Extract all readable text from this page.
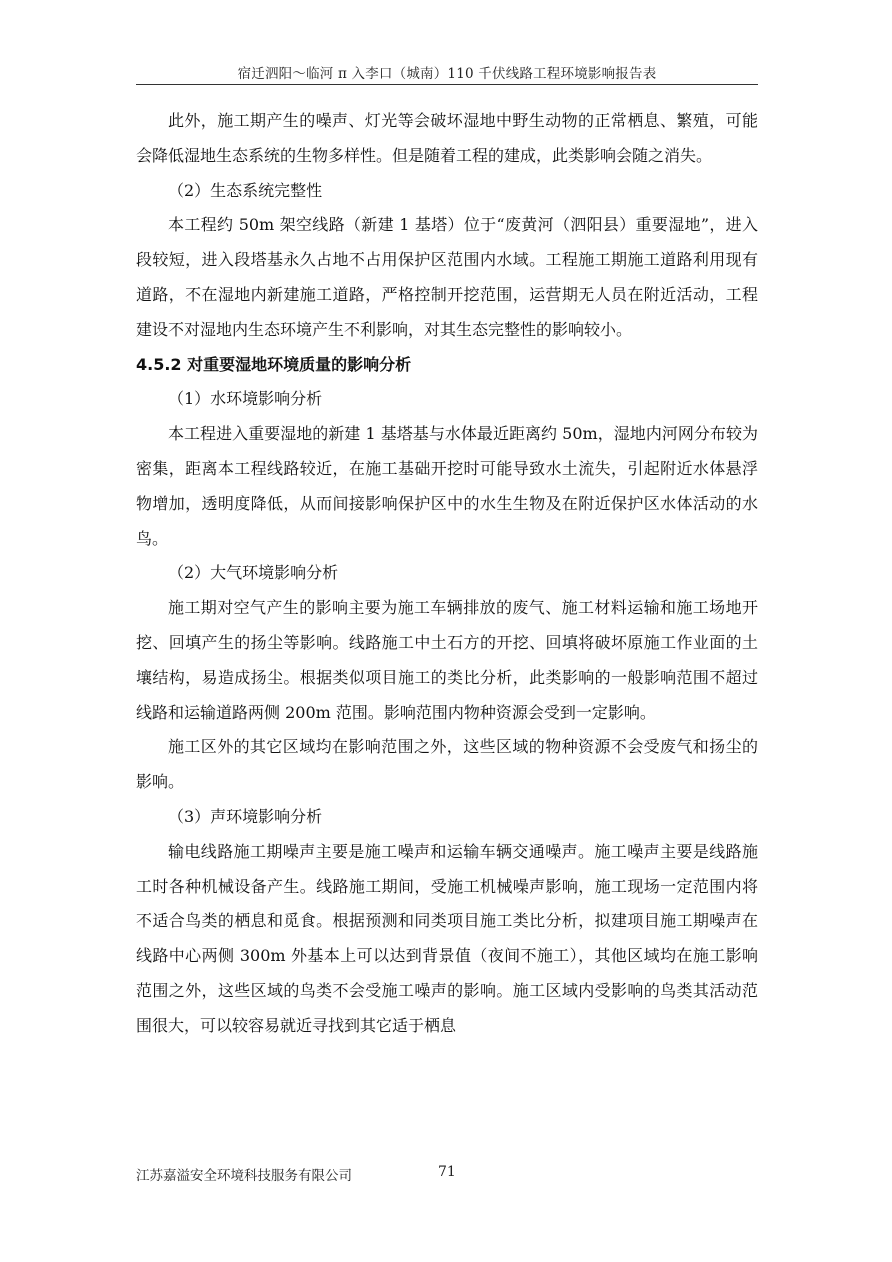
宿迁泗阳～临河 π 入李口（城南）110 千伏线路工程环境影响报告表

此外，施工期产生的噪声、灯光等会破坏湿地中野生动物的正常栖息、繁殖，可能会降低湿地生态系统的生物多样性。但是随着工程的建成，此类影响会随之消失。

（2）生态系统完整性

本工程约 50m 架空线路（新建 1 基塔）位于“废黄河（泗阳县）重要湿地”，进入段较短，进入段塔基永久占地不占用保护区范围内水域。工程施工期施工道路利用现有道路，不在湿地内新建施工道路，严格控制开挖范围，运营期无人员在附近活动，工程建设不对湿地内生态环境产生不利影响，对其生态完整性的影响较小。

4.5.2 对重要湿地环境质量的影响分析

（1）水环境影响分析

本工程进入重要湿地的新建 1 基塔基与水体最近距离约 50m，湿地内河网分布较为密集，距离本工程线路较近，在施工基础开挖时可能导致水土流失，引起附近水体悬浮物增加，透明度降低，从而间接影响保护区中的水生生物及在附近保护区水体活动的水鸟。

（2）大气环境影响分析

施工期对空气产生的影响主要为施工车辆排放的废气、施工材料运输和施工场地开挖、回填产生的扬尘等影响。线路施工中土石方的开挖、回填将破坏原施工作业面的土壤结构，易造成扬尘。根据类似项目施工的类比分析，此类影响的一般影响范围不超过线路和运输道路两侧 200m 范围。影响范围内物种资源会受到一定影响。

施工区外的其它区域均在影响范围之外，这些区域的物种资源不会受废气和扬尘的影响。

（3）声环境影响分析

输电线路施工期噪声主要是施工噪声和运输车辆交通噪声。施工噪声主要是线路施工时各种机械设备产生。线路施工期间，受施工机械噪声影响，施工现场一定范围内将不适合鸟类的栖息和觅食。根据预测和同类项目施工类比分析，拟建项目施工期噪声在线路中心两侧 300m 外基本上可以达到背景值（夜间不施工），其他区域均在施工影响范围之外，这些区域的鸟类不会受施工噪声的影响。施工区域内受影响的鸟类其活动范围很大，可以较容易就近寻找到其它适于栖息

江苏嘉溢安全环境科技服务有限公司	71
